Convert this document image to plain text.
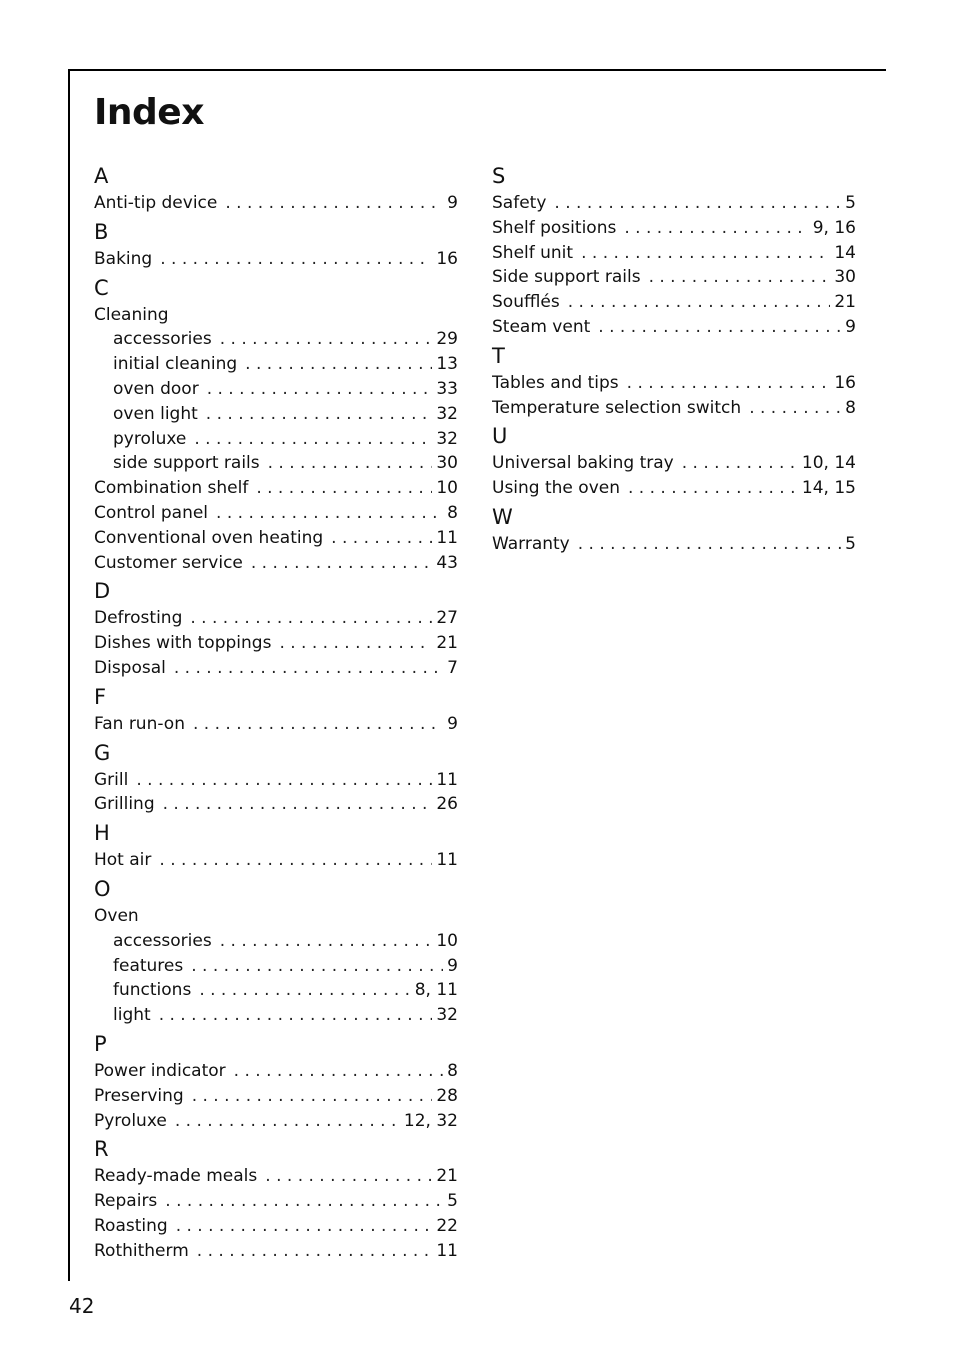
Index
A
Anti-tip device . . .	9
B
Baking . . .	16
C
Cleaning
accessories . . .	29
initial cleaning . . .	13
oven door . . .	33
oven light . . .	32
pyroluxe . . .	32
side support rails . . .	30
Combination shelf . . .	10
Control panel . . .	8
Conventional oven heating . . .	11
Customer service . . .	43
D
Defrosting . . .	27
Dishes with toppings . . .	21
Disposal . . .	7
F
Fan run-on . . .	9
G
Grill . . .	11
Grilling . . .	26
H
Hot air . . .	11
O
Oven
accessories . . .	10
features . . .	9
functions . . .	8, 11
light . . .	32
P
Power indicator . . .	8
Preserving . . .	28
Pyroluxe . . .	12, 32
R
Ready-made meals . . .	21
Repairs . . .	5
Roasting . . .	22
Rothitherm . . .	11
S
Safety . . .	5
Shelf positions . . .	9, 16
Shelf unit . . .	14
Side support rails . . .	30
Soufflés . . .	21
Steam vent . . .	9
T
Tables and tips . . .	16
Temperature selection switch . . .	8
U
Universal baking tray . . .	10, 14
Using the oven . . .	14, 15
W
Warranty . . .	5
42
